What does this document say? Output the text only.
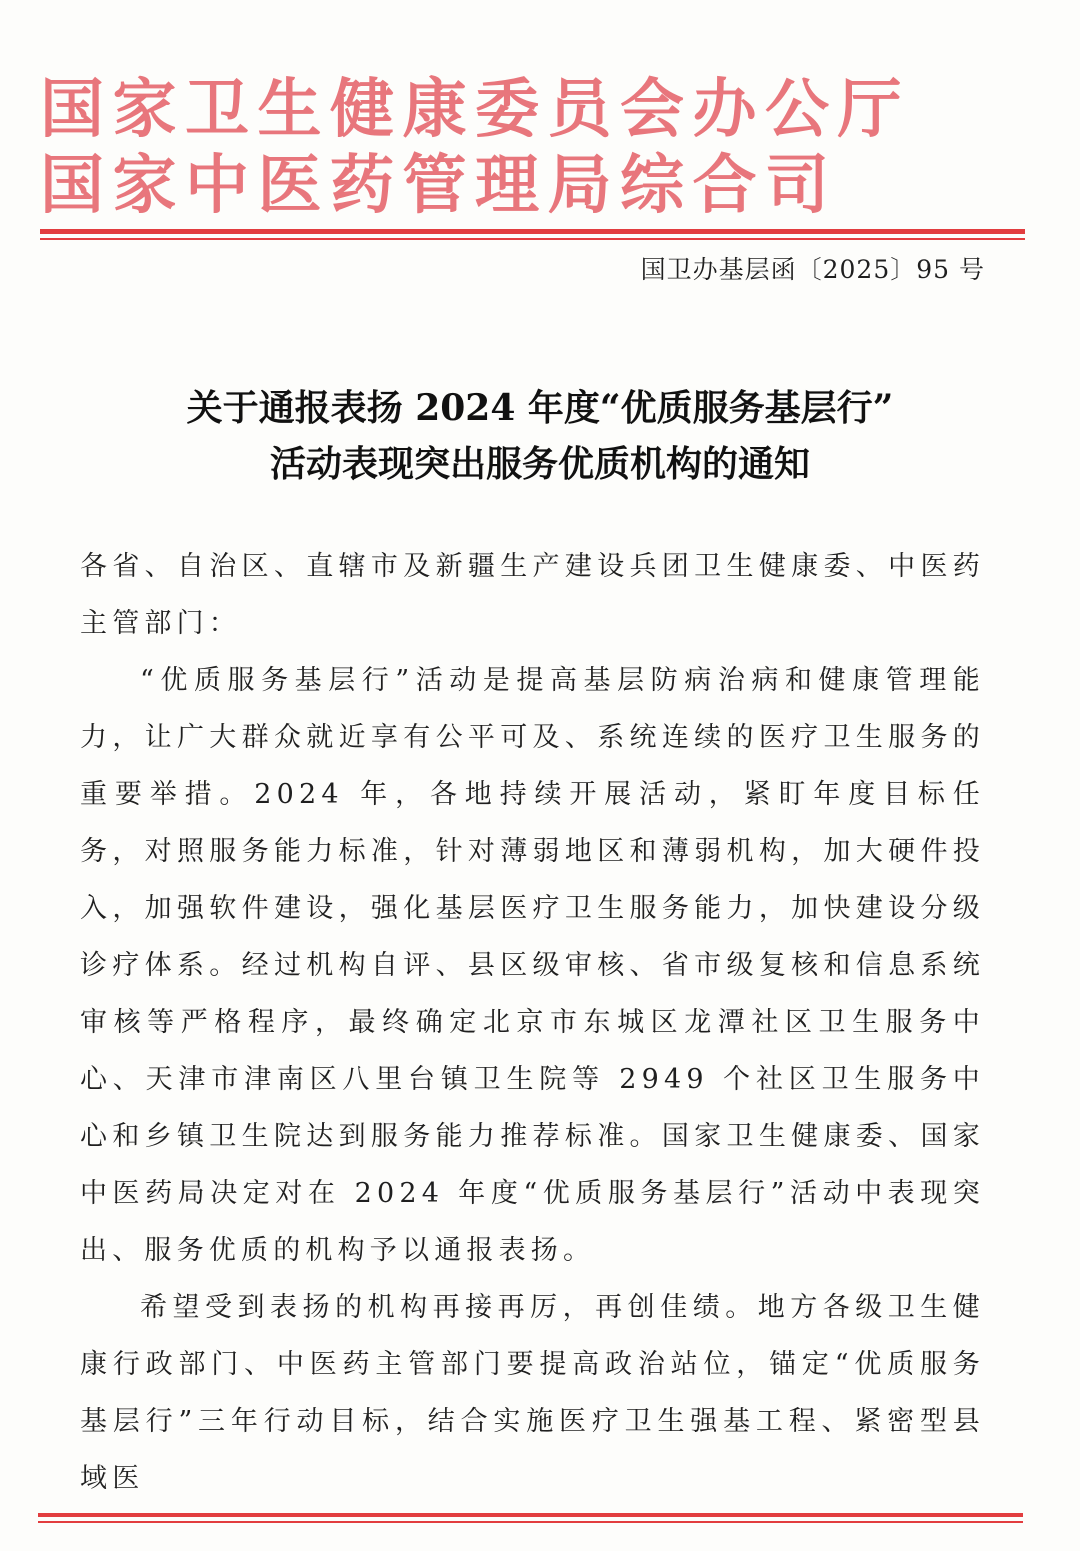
国家卫生健康委员会办公厅
国家中医药管理局综合司
国卫办基层函〔2025〕95 号
关于通报表扬 2024 年度“优质服务基层行”
活动表现突出服务优质机构的通知

各省、自治区、直辖市及新疆生产建设兵团卫生健康委、中医药主管部门：

“优质服务基层行”活动是提高基层防病治病和健康管理能力，让广大群众就近享有公平可及、系统连续的医疗卫生服务的重要举措。2024 年，各地持续开展活动，紧盯年度目标任务，对照服务能力标准，针对薄弱地区和薄弱机构，加大硬件投入，加强软件建设，强化基层医疗卫生服务能力，加快建设分级诊疗体系。经过机构自评、县区级审核、省市级复核和信息系统审核等严格程序，最终确定北京市东城区龙潭社区卫生服务中心、天津市津南区八里台镇卫生院等 2949 个社区卫生服务中心和乡镇卫生院达到服务能力推荐标准。国家卫生健康委、国家中医药局决定对在 2024 年度“优质服务基层行”活动中表现突出、服务优质的机构予以通报表扬。

希望受到表扬的机构再接再厉，再创佳绩。地方各级卫生健康行政部门、中医药主管部门要提高政治站位，锚定“优质服务基层行”三年行动目标，结合实施医疗卫生强基工程、紧密型县域医
